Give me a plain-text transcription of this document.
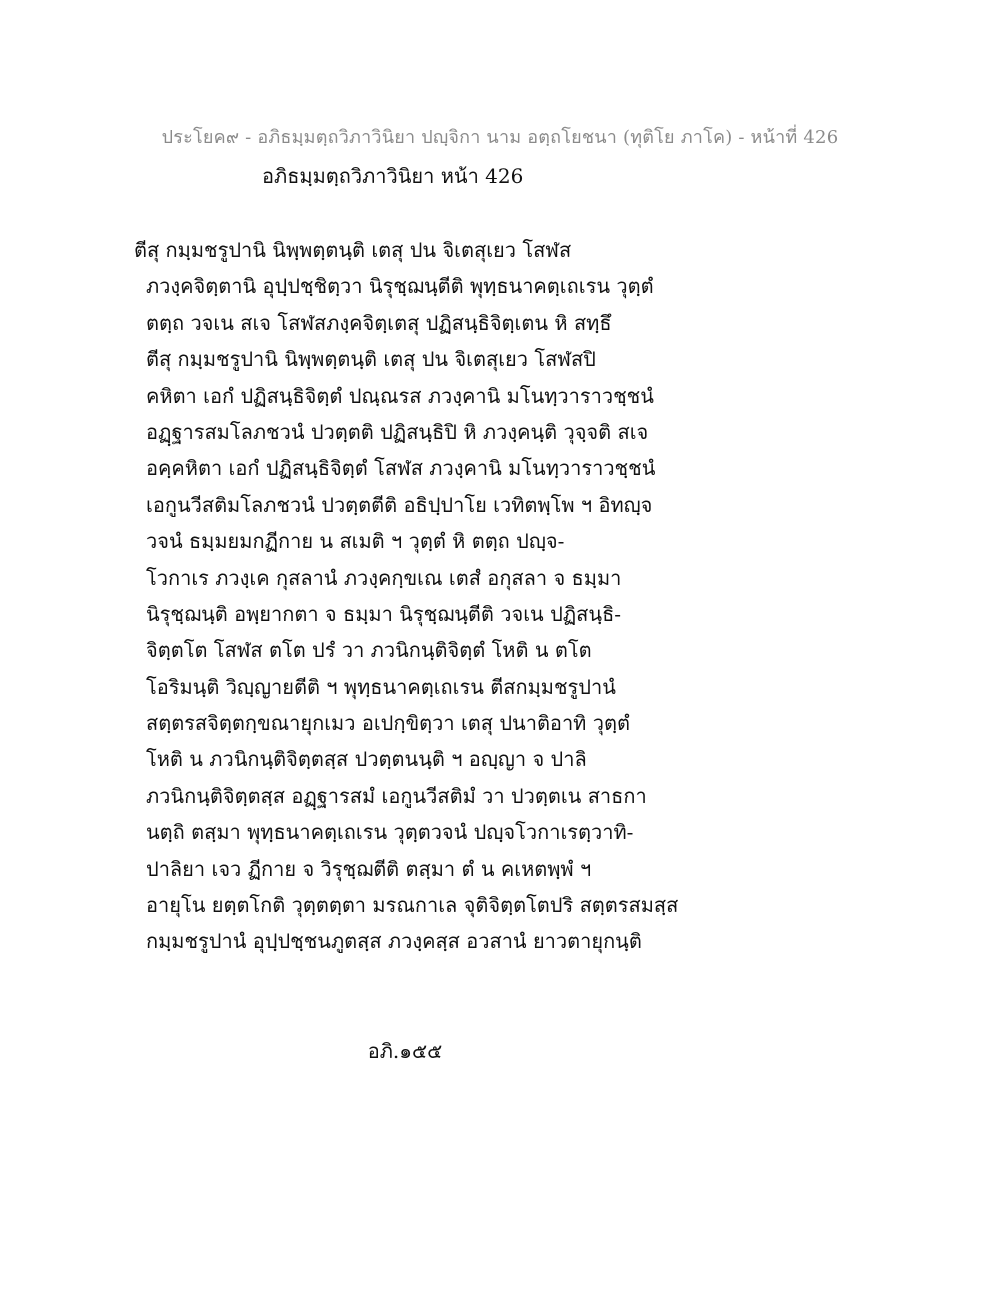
ประโยค๙ - อภิธมฺมตฺถวิภาวินิยา ปญฺจิกา นาม อตฺถโยชนา (ทุติโย ภาโค) - หน้าที่ 426
อภิธมฺมตฺถวิภาวินิยา หน้า 426
ตีสุ กมฺมชรูปานิ นิพฺพตฺตนฺติ เตสุ ปน จิเตสุเยว โสฬส
ภวงฺคจิตฺตานิ อุปฺปชฺชิตฺวา นิรุชฺฌนฺตีติ พุทฺธนาคตฺเถเรน วุตฺตํ
ตตฺถ วจเน สเจ โสฬสภงฺคจิตฺเตสุ ปฏิสนฺธิจิตฺเตน หิ สทฺธึ
ตีสุ กมฺมชรูปานิ นิพฺพตฺตนฺติ เตสุ ปน จิเตสุเยว โสฬสปิ
คหิตา เอกํ ปฏิสนฺธิจิตฺตํ ปณฺณรส ภวงฺคานิ มโนทฺวาราวชฺชนํ
อฏฺฐารสมโลภชวนํ ปวตฺตติ ปฏิสนฺธิปิ หิ ภวงฺคนฺติ วุจฺจติ สเจ
อคฺคหิตา เอกํ ปฏิสนฺธิจิตฺตํ โสฬส ภวงฺคานิ มโนทฺวาราวชฺชนํ
เอกูนวีสติมโลภชวนํ ปวตฺตตีติ อธิปฺปาโย เวทิตพฺโพ ฯ อิทญฺจ
วจนํ ธมฺมยมกฏีกาย น สเมติ ฯ วุตฺตํ หิ ตตฺถ ปญฺจ-
โวกาเร ภวงฺเค กุสลานํ ภวงฺคกฺขเณ เตสํ อกุสลา จ ธมฺมา
นิรุชฺฌนฺติ อพฺยากตา จ ธมฺมา นิรุชฺฌนฺตีติ วจเน ปฏิสนฺธิ-
จิตฺตโต โสฬส ตโต ปรํ วา ภวนิกนฺติจิตฺตํ โหติ น ตโต
โอริมนฺติ วิญฺญายตีติ ฯ พุทฺธนาคตฺเถเรน ตีสกมฺมชรูปานํ
สตฺตรสจิตฺตกฺขณายุกเมว อเปกฺขิตฺวา เตสุ ปนาติอาทิ วุตฺตํ
โหติ น ภวนิกนฺติจิตฺตสฺส ปวตฺตนนฺติ ฯ อญฺญา จ ปาลิ
ภวนิกนฺติจิตฺตสฺส อฏฺฐารสมํ เอกูนวีสติมํ วา ปวตฺตเน สาธกา
นตฺถิ ตสฺมา พุทฺธนาคตฺเถเรน วุตฺตวจนํ ปญฺจโวกาเรตฺวาทิ-
ปาลิยา เจว ฏีกาย จ วิรุชฺฌตีติ ตสฺมา ตํ น คเหตพฺพํ ฯ
อายุโน ยตฺตโกติ วุตฺตตฺตา มรณกาเล จุติจิตฺตโตปริ สตฺตรสมสฺส
กมฺมชรูปานํ อุปฺปชฺชนภูตสฺส ภวงฺคสฺส อวสานํ ยาวตายุกนฺติ
อภิ.๑๕๕
